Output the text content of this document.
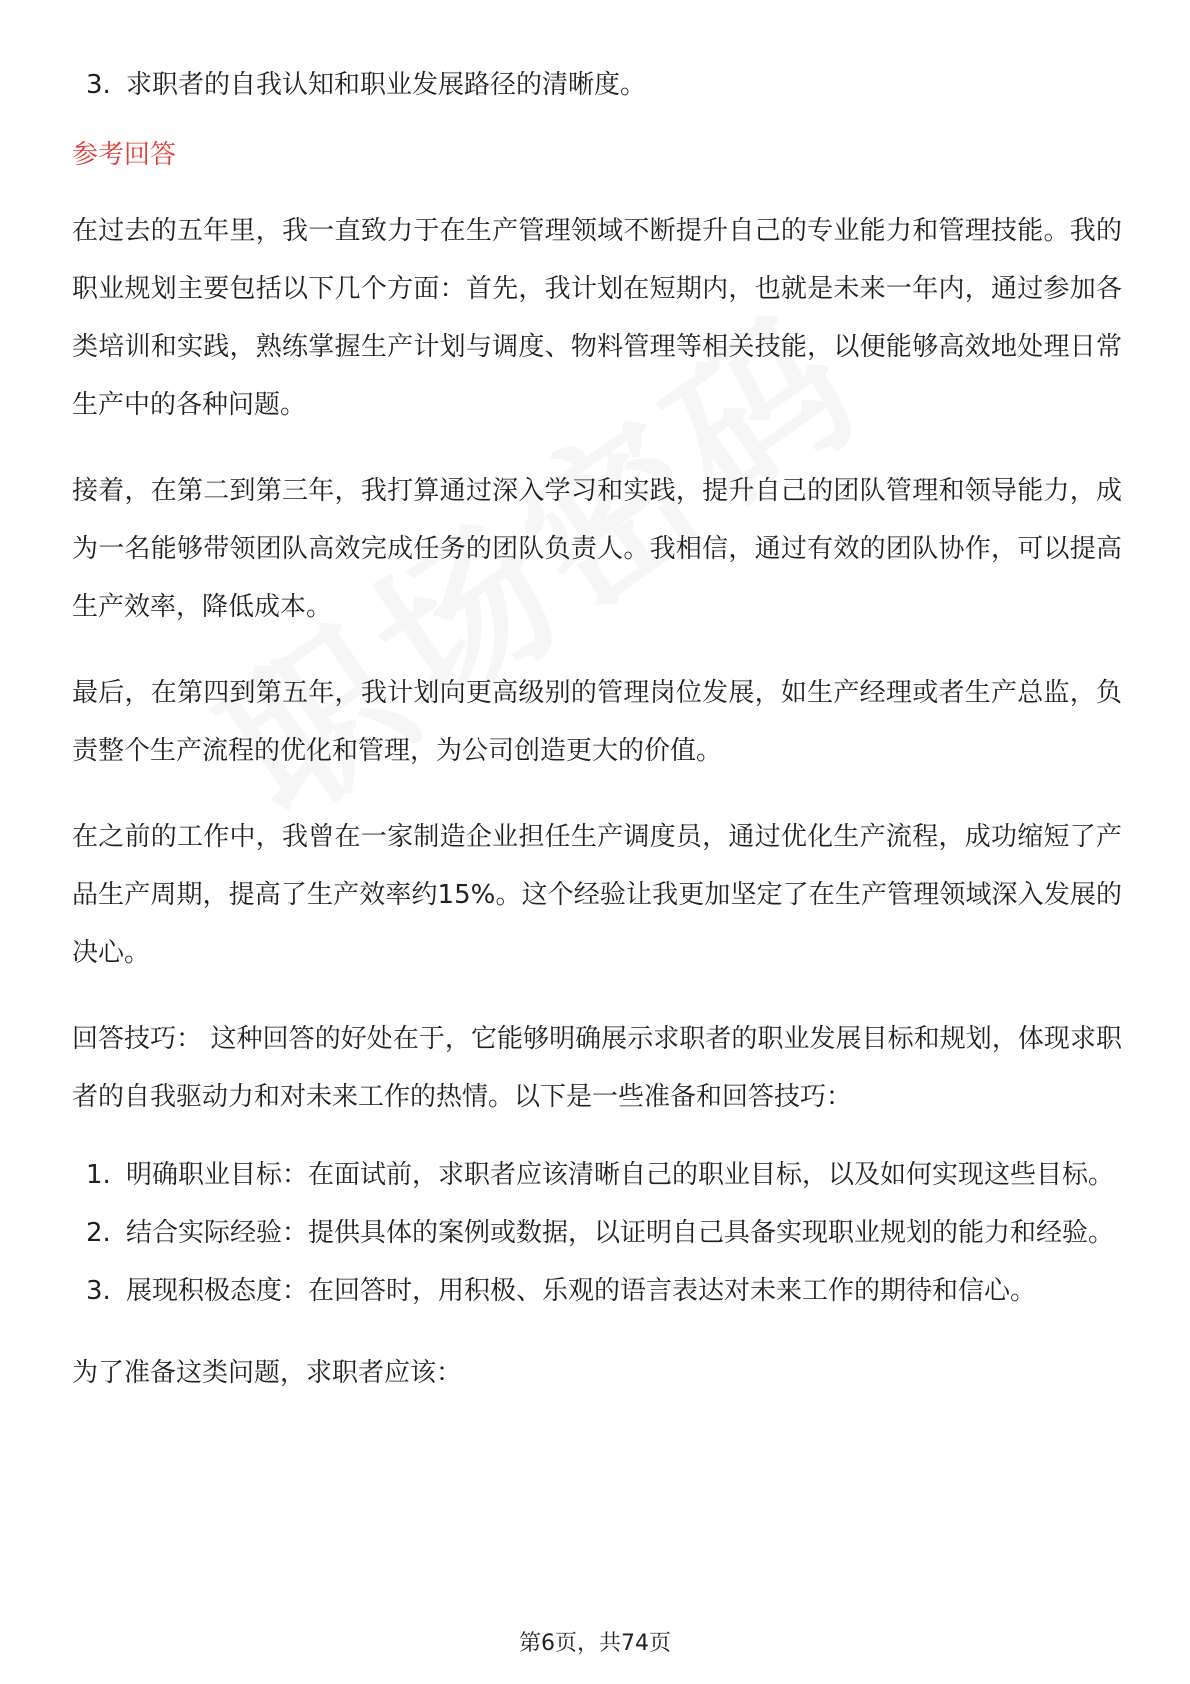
3. 求职者的自我认知和职业发展路径的清晰度。
参考回答

在过去的五年里，我一直致力于在生产管理领域不断提升自己的专业能力和管理技能。我的职业规划主要包括以下几个方面：首先，我计划在短期内，也就是未来一年内，通过参加各类培训和实践，熟练掌握生产计划与调度、物料管理等相关技能，以便能够高效地处理日常生产中的各种问题。

接着，在第二到第三年，我打算通过深入学习和实践，提升自己的团队管理和领导能力，成为一名能够带领团队高效完成任务的团队负责人。我相信，通过有效的团队协作，可以提高生产效率，降低成本。

最后，在第四到第五年，我计划向更高级别的管理岗位发展，如生产经理或者生产总监，负责整个生产流程的优化和管理，为公司创造更大的价值。

在之前的工作中，我曾在一家制造企业担任生产调度员，通过优化生产流程，成功缩短了产品生产周期，提高了生产效率约15%。这个经验让我更加坚定了在生产管理领域深入发展的决心。

回答技巧： 这种回答的好处在于，它能够明确展示求职者的职业发展目标和规划，体现求职者的自我驱动力和对未来工作的热情。以下是一些准备和回答技巧：

1. 明确职业目标：在面试前，求职者应该清晰自己的职业目标，以及如何实现这些目标。
2. 结合实际经验：提供具体的案例或数据，以证明自己具备实现职业规划的能力和经验。
3. 展现积极态度：在回答时，用积极、乐观的语言表达对未来工作的期待和信心。

为了准备这类问题，求职者应该：

第6页，共74页
